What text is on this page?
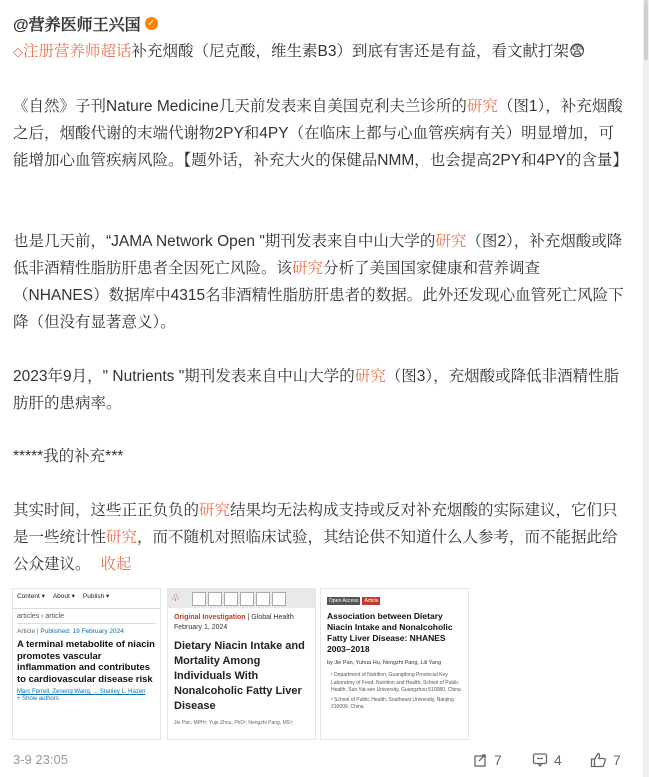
@营养医师王兴国 ✓
◇注册营养师超话补充烟酸（尼克酸，维生素B3）到底有害还是有益，看文献打架😨
《自然》子刊Nature Medicine几天前发表来自美国克利夫兰诊所的研究（图1），补充烟酸之后，烟酸代谢的末端代谢物2PY和4PY（在临床上都与心血管疾病有关）明显增加，可能增加心血管疾病风险。【题外话，补充大火的保健品NMM，也会提高2PY和4PY的含量】
也是几天前，“JAMA Network Open "期刊发表来自中山大学的研究（图2），补充烟酸或降低非酒精性脂肪肝患者全因死亡风险。该研究分析了美国国家健康和营养调查（NHANES）数据库中4315名非酒精性脂肪肝患者的数据。此外还发现心血管死亡风险下降（但没有显著意义）。
2023年9月，" Nutrients "期刊发表来自中山大学的研究（图3），充烟酸或降低非酒精性脂肪肝的患病率。
*****我的补充***
其实时间，这些正正负负的研究结果均无法构成支持或反对补充烟酸的实际建议，它们只是一些统计性研究，而不随机对照临床试验，其结论供不知道什么人参考，而不能据此给公众建议。 收起
Content ▾ About ▾ Publish ▾
articles › article
Article | Published: 19 February 2024
A terminal metabolite of niacin promotes vascular inflammation and contributes to cardiovascular disease risk
Marc Ferrell, Zeneng Wang, ... Stanley L. Hazen
+ Show authors
♧
Original Investigation | Global Health
February 1, 2024
Dietary Niacin Intake and Mortality Among Individuals With Nonalcoholic Fatty Liver Disease
Jie Pan, MPH¹; Yuje Zhou, PhD²; Nengzhi Pang, MS³;
Open Access	Article
Association between Dietary Niacin Intake and Nonalcoholic Fatty Liver Disease: NHANES 2003–2018
by Jie Pan, Yuhua Hu, Nengzhi Pang, Lili Yang
¹ Department of Nutrition, Guangdong Provincial Key Laboratory of Food, Nutrition and Health, School of Public Health, Sun Yat-sen University, Guangzhou 510080, China
² School of Public Health, Southeast University, Nanjing 210009, China
3-9 23:05	7	4	7
